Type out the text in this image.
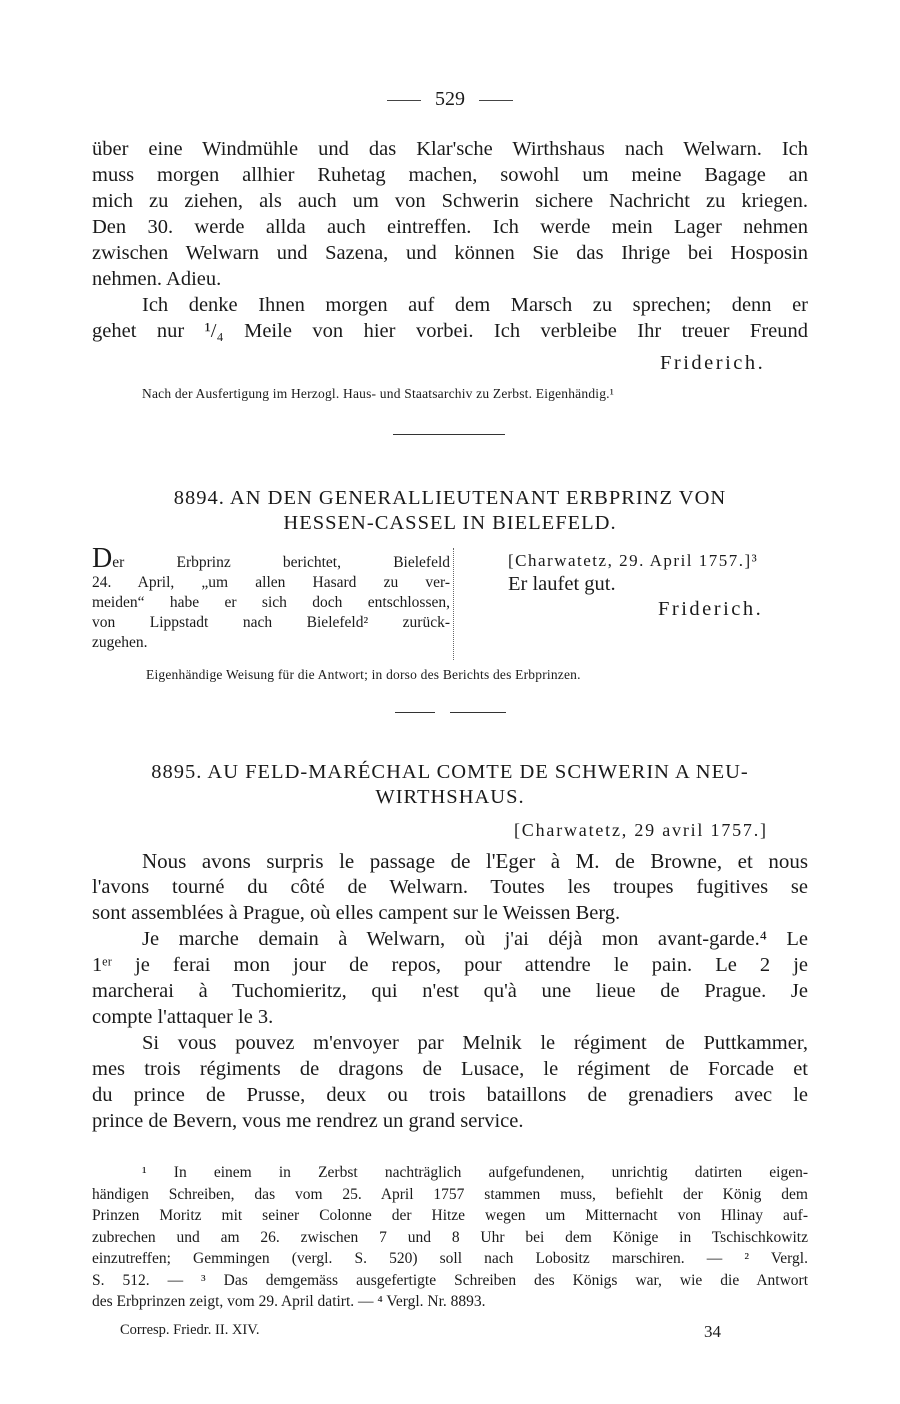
529
über eine Windmühle und das Klar'sche Wirthshaus nach Welwarn. Ich
muss morgen allhier Ruhetag machen, sowohl um meine Bagage an
mich zu ziehen, als auch um von Schwerin sichere Nachricht zu kriegen.
Den 30. werde allda auch eintreffen. Ich werde mein Lager nehmen
zwischen Welwarn und Sazena, und können Sie das Ihrige bei Hosposin
nehmen. Adieu.
Ich denke Ihnen morgen auf dem Marsch zu sprechen; denn er
gehet nur ¹/₄ Meile von hier vorbei. Ich verbleibe Ihr treuer Freund
Friderich.
Nach der Ausfertigung im Herzogl. Haus- und Staatsarchiv zu Zerbst. Eigenhändig.¹
8894. AN DEN GENERALLIEUTENANT ERBPRINZ VON
HESSEN-CASSEL IN BIELEFELD.
Der Erbprinz berichtet, Bielefeld
24. April, „um allen Hasard zu ver-
meiden“ habe er sich doch entschlossen,
von Lippstadt nach Bielefeld² zurück-
zugehen.
[Charwatetz, 29. April 1757.]³
Er laufet gut.
Friderich.
Eigenhändige Weisung für die Antwort; in dorso des Berichts des Erbprinzen.
8895. AU FELD-MARÉCHAL COMTE DE SCHWERIN A NEU-
WIRTHSHAUS.
[Charwatetz, 29 avril 1757.]
Nous avons surpris le passage de l'Eger à M. de Browne, et nous
l'avons tourné du côté de Welwarn. Toutes les troupes fugitives se
sont assemblées à Prague, où elles campent sur le Weissen Berg.
Je marche demain à Welwarn, où j'ai déjà mon avant-garde.⁴ Le
1ᵉʳ je ferai mon jour de repos, pour attendre le pain. Le 2 je
marcherai à Tuchomieritz, qui n'est qu'à une lieue de Prague. Je
compte l'attaquer le 3.
Si vous pouvez m'envoyer par Melnik le régiment de Puttkammer,
mes trois régiments de dragons de Lusace, le régiment de Forcade et
du prince de Prusse, deux ou trois bataillons de grenadiers avec le
prince de Bevern, vous me rendrez un grand service.
¹ In einem in Zerbst nachträglich aufgefundenen, unrichtig datirten eigen-
händigen Schreiben, das vom 25. April 1757 stammen muss, befiehlt der König dem
Prinzen Moritz mit seiner Colonne der Hitze wegen um Mitternacht von Hlinay auf-
zubrechen und am 26. zwischen 7 und 8 Uhr bei dem Könige in Tschischkowitz
einzutreffen; Gemmingen (vergl. S. 520) soll nach Lobositz marschiren. — ² Vergl.
S. 512. — ³ Das demgemäss ausgefertigte Schreiben des Königs war, wie die Antwort
des Erbprinzen zeigt, vom 29. April datirt. — ⁴ Vergl. Nr. 8893.
Corresp. Friedr. II. XIV.	34
